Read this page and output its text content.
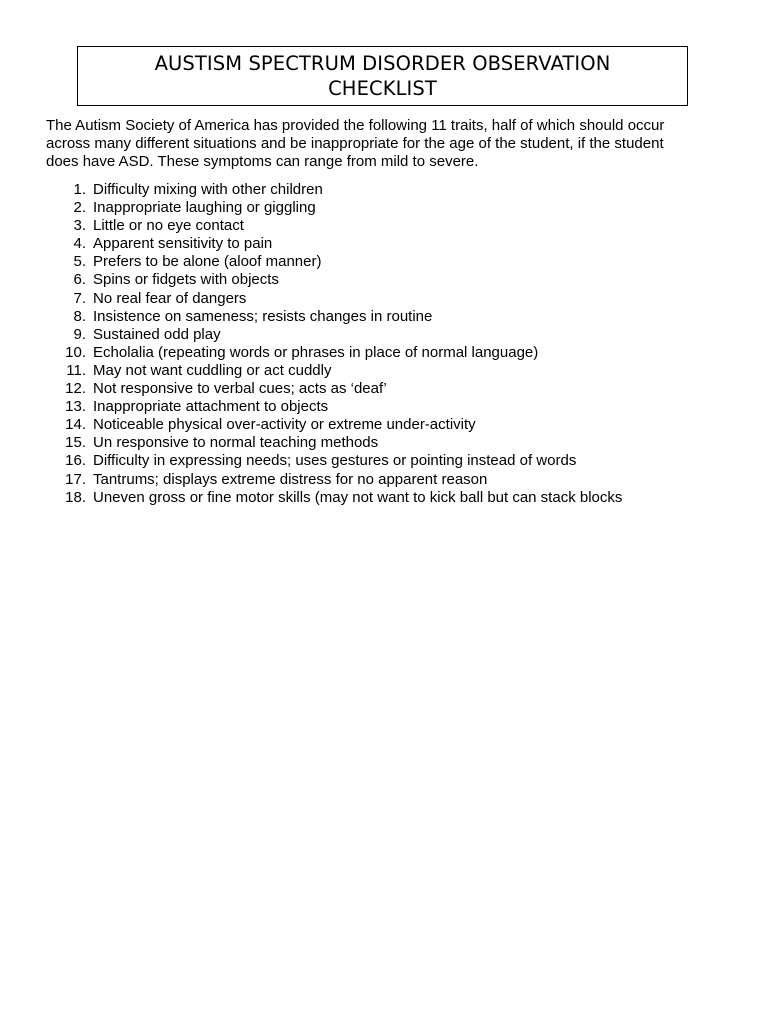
AUSTISM SPECTRUM DISORDER OBSERVATION
CHECKLIST

The Autism Society of America has provided the following 11 traits, half of which should occur
across many different situations and be inappropriate for the age of the student, if the student
does have ASD. These symptoms can range from mild to severe.

1. Difficulty mixing with other children
2. Inappropriate laughing or giggling
3. Little or no eye contact
4. Apparent sensitivity to pain
5. Prefers to be alone (aloof manner)
6. Spins or fidgets with objects
7. No real fear of dangers
8. Insistence on sameness; resists changes in routine
9. Sustained odd play
10. Echolalia (repeating words or phrases in place of normal language)
11. May not want cuddling or act cuddly
12. Not responsive to verbal cues; acts as ‘deaf’
13. Inappropriate attachment to objects
14. Noticeable physical over-activity or extreme under-activity
15. Un responsive to normal teaching methods
16. Difficulty in expressing needs; uses gestures or pointing instead of words
17. Tantrums; displays extreme distress for no apparent reason
18. Uneven gross or fine motor skills (may not want to kick ball but can stack blocks
